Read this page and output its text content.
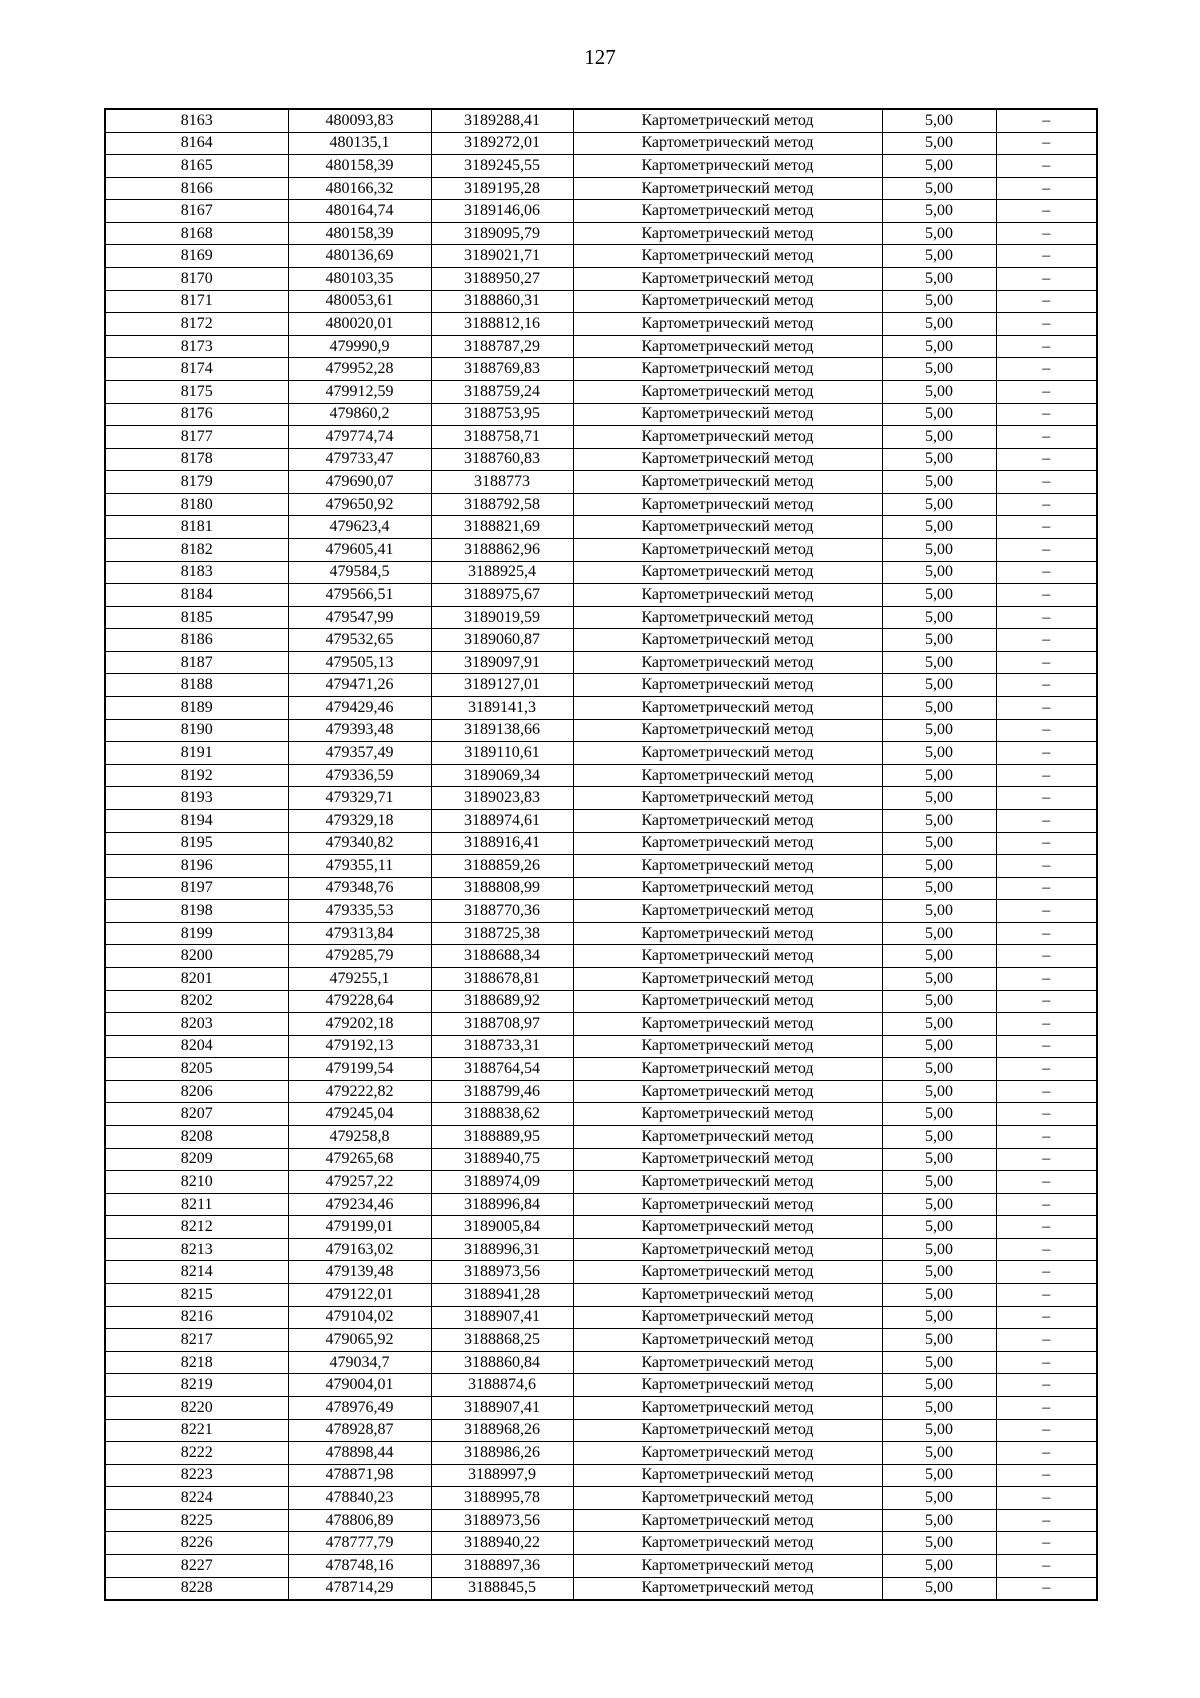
127
8163	480093,83	3189288,41	Картометрический метод	5,00	–
8164	480135,1	3189272,01	Картометрический метод	5,00	–
8165	480158,39	3189245,55	Картометрический метод	5,00	–
8166	480166,32	3189195,28	Картометрический метод	5,00	–
8167	480164,74	3189146,06	Картометрический метод	5,00	–
8168	480158,39	3189095,79	Картометрический метод	5,00	–
8169	480136,69	3189021,71	Картометрический метод	5,00	–
8170	480103,35	3188950,27	Картометрический метод	5,00	–
8171	480053,61	3188860,31	Картометрический метод	5,00	–
8172	480020,01	3188812,16	Картометрический метод	5,00	–
8173	479990,9	3188787,29	Картометрический метод	5,00	–
8174	479952,28	3188769,83	Картометрический метод	5,00	–
8175	479912,59	3188759,24	Картометрический метод	5,00	–
8176	479860,2	3188753,95	Картометрический метод	5,00	–
8177	479774,74	3188758,71	Картометрический метод	5,00	–
8178	479733,47	3188760,83	Картометрический метод	5,00	–
8179	479690,07	3188773	Картометрический метод	5,00	–
8180	479650,92	3188792,58	Картометрический метод	5,00	–
8181	479623,4	3188821,69	Картометрический метод	5,00	–
8182	479605,41	3188862,96	Картометрический метод	5,00	–
8183	479584,5	3188925,4	Картометрический метод	5,00	–
8184	479566,51	3188975,67	Картометрический метод	5,00	–
8185	479547,99	3189019,59	Картометрический метод	5,00	–
8186	479532,65	3189060,87	Картометрический метод	5,00	–
8187	479505,13	3189097,91	Картометрический метод	5,00	–
8188	479471,26	3189127,01	Картометрический метод	5,00	–
8189	479429,46	3189141,3	Картометрический метод	5,00	–
8190	479393,48	3189138,66	Картометрический метод	5,00	–
8191	479357,49	3189110,61	Картометрический метод	5,00	–
8192	479336,59	3189069,34	Картометрический метод	5,00	–
8193	479329,71	3189023,83	Картометрический метод	5,00	–
8194	479329,18	3188974,61	Картометрический метод	5,00	–
8195	479340,82	3188916,41	Картометрический метод	5,00	–
8196	479355,11	3188859,26	Картометрический метод	5,00	–
8197	479348,76	3188808,99	Картометрический метод	5,00	–
8198	479335,53	3188770,36	Картометрический метод	5,00	–
8199	479313,84	3188725,38	Картометрический метод	5,00	–
8200	479285,79	3188688,34	Картометрический метод	5,00	–
8201	479255,1	3188678,81	Картометрический метод	5,00	–
8202	479228,64	3188689,92	Картометрический метод	5,00	–
8203	479202,18	3188708,97	Картометрический метод	5,00	–
8204	479192,13	3188733,31	Картометрический метод	5,00	–
8205	479199,54	3188764,54	Картометрический метод	5,00	–
8206	479222,82	3188799,46	Картометрический метод	5,00	–
8207	479245,04	3188838,62	Картометрический метод	5,00	–
8208	479258,8	3188889,95	Картометрический метод	5,00	–
8209	479265,68	3188940,75	Картометрический метод	5,00	–
8210	479257,22	3188974,09	Картометрический метод	5,00	–
8211	479234,46	3188996,84	Картометрический метод	5,00	–
8212	479199,01	3189005,84	Картометрический метод	5,00	–
8213	479163,02	3188996,31	Картометрический метод	5,00	–
8214	479139,48	3188973,56	Картометрический метод	5,00	–
8215	479122,01	3188941,28	Картометрический метод	5,00	–
8216	479104,02	3188907,41	Картометрический метод	5,00	–
8217	479065,92	3188868,25	Картометрический метод	5,00	–
8218	479034,7	3188860,84	Картометрический метод	5,00	–
8219	479004,01	3188874,6	Картометрический метод	5,00	–
8220	478976,49	3188907,41	Картометрический метод	5,00	–
8221	478928,87	3188968,26	Картометрический метод	5,00	–
8222	478898,44	3188986,26	Картометрический метод	5,00	–
8223	478871,98	3188997,9	Картометрический метод	5,00	–
8224	478840,23	3188995,78	Картометрический метод	5,00	–
8225	478806,89	3188973,56	Картометрический метод	5,00	–
8226	478777,79	3188940,22	Картометрический метод	5,00	–
8227	478748,16	3188897,36	Картометрический метод	5,00	–
8228	478714,29	3188845,5	Картометрический метод	5,00	–
